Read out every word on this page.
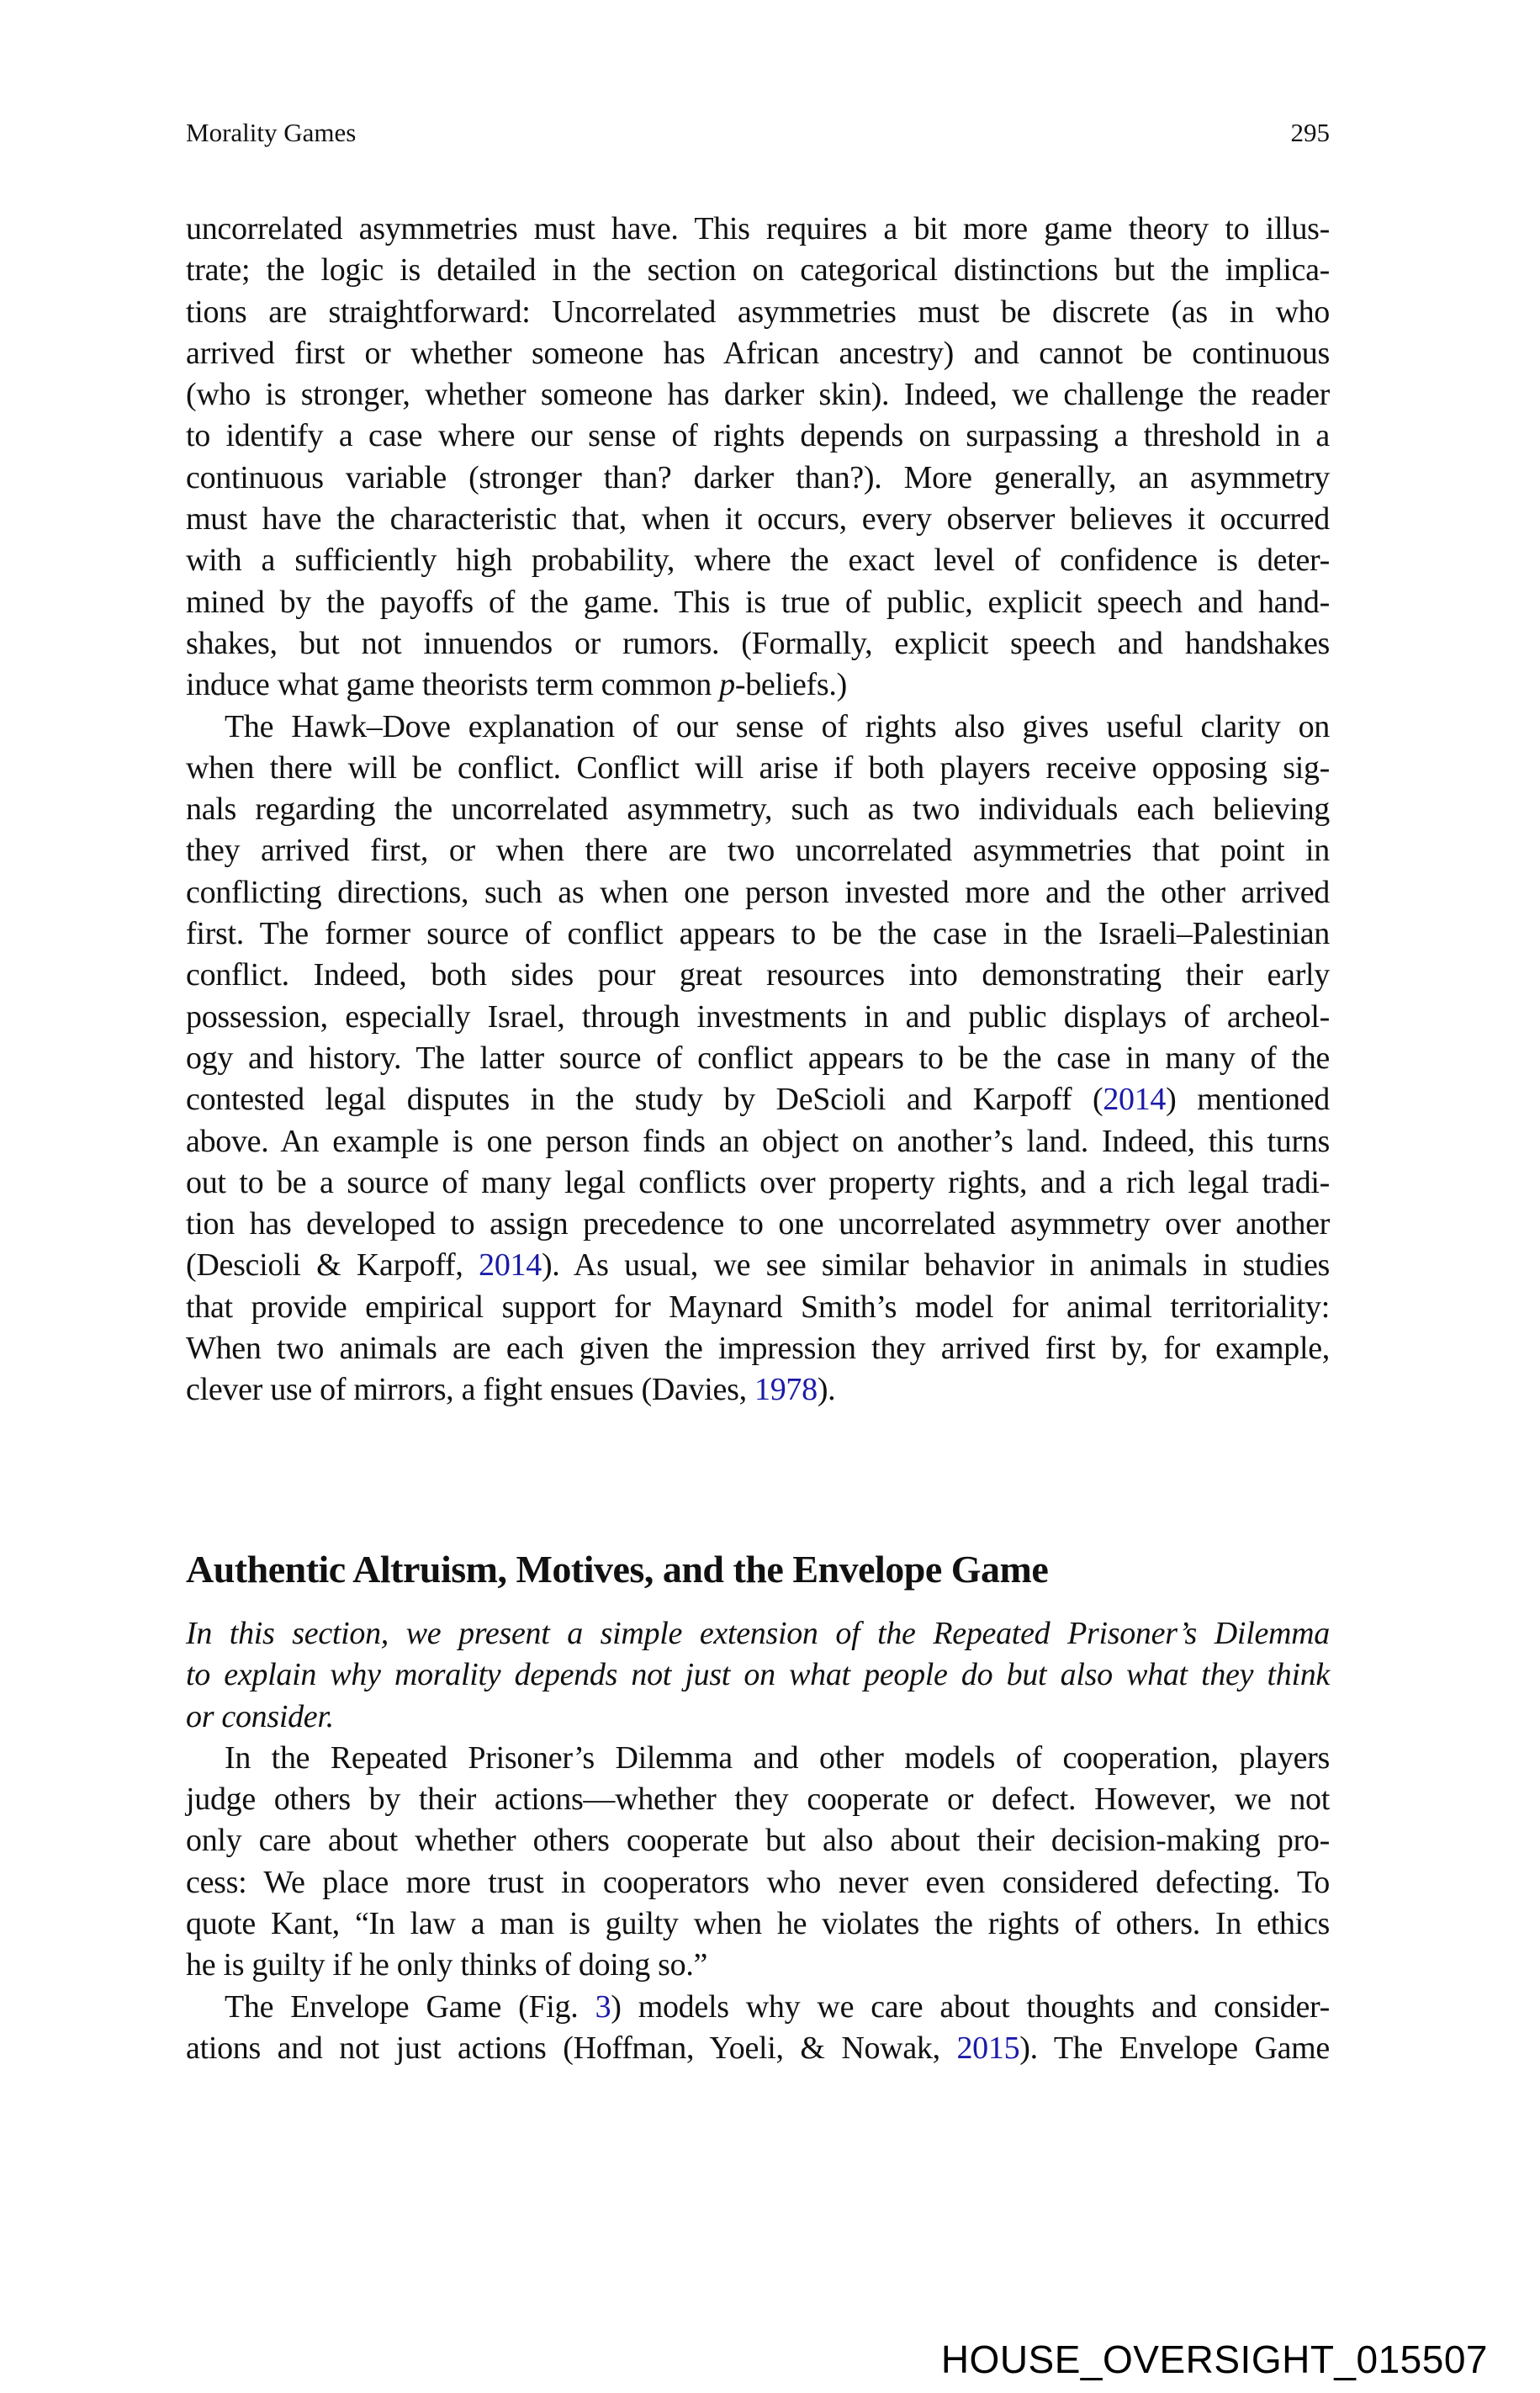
Morality Games	295
uncorrelated asymmetries must have. This requires a bit more game theory to illus-
trate; the logic is detailed in the section on categorical distinctions but the implica-
tions are straightforward: Uncorrelated asymmetries must be discrete (as in who
arrived first or whether someone has African ancestry) and cannot be continuous
(who is stronger, whether someone has darker skin). Indeed, we challenge the reader
to identify a case where our sense of rights depends on surpassing a threshold in a
continuous variable (stronger than? darker than?). More generally, an asymmetry
must have the characteristic that, when it occurs, every observer believes it occurred
with a sufficiently high probability, where the exact level of confidence is deter-
mined by the payoffs of the game. This is true of public, explicit speech and hand-
shakes, but not innuendos or rumors. (Formally, explicit speech and handshakes
induce what game theorists term common p-beliefs.)
The Hawk–Dove explanation of our sense of rights also gives useful clarity on
when there will be conflict. Conflict will arise if both players receive opposing sig-
nals regarding the uncorrelated asymmetry, such as two individuals each believing
they arrived first, or when there are two uncorrelated asymmetries that point in
conflicting directions, such as when one person invested more and the other arrived
first. The former source of conflict appears to be the case in the Israeli–Palestinian
conflict. Indeed, both sides pour great resources into demonstrating their early
possession, especially Israel, through investments in and public displays of archeol-
ogy and history. The latter source of conflict appears to be the case in many of the
contested legal disputes in the study by DeScioli and Karpoff (2014) mentioned
above. An example is one person finds an object on another’s land. Indeed, this turns
out to be a source of many legal conflicts over property rights, and a rich legal tradi-
tion has developed to assign precedence to one uncorrelated asymmetry over another
(Descioli & Karpoff, 2014). As usual, we see similar behavior in animals in studies
that provide empirical support for Maynard Smith’s model for animal territoriality:
When two animals are each given the impression they arrived first by, for example,
clever use of mirrors, a fight ensues (Davies, 1978).
Authentic Altruism, Motives, and the Envelope Game
In this section, we present a simple extension of the Repeated Prisoner’s Dilemma
to explain why morality depends not just on what people do but also what they think
or consider.
In the Repeated Prisoner’s Dilemma and other models of cooperation, players
judge others by their actions—whether they cooperate or defect. However, we not
only care about whether others cooperate but also about their decision-making pro-
cess: We place more trust in cooperators who never even considered defecting. To
quote Kant, “In law a man is guilty when he violates the rights of others. In ethics
he is guilty if he only thinks of doing so.”
The Envelope Game (Fig. 3) models why we care about thoughts and consider-
ations and not just actions (Hoffman, Yoeli, & Nowak, 2015). The Envelope Game
HOUSE_OVERSIGHT_015507
